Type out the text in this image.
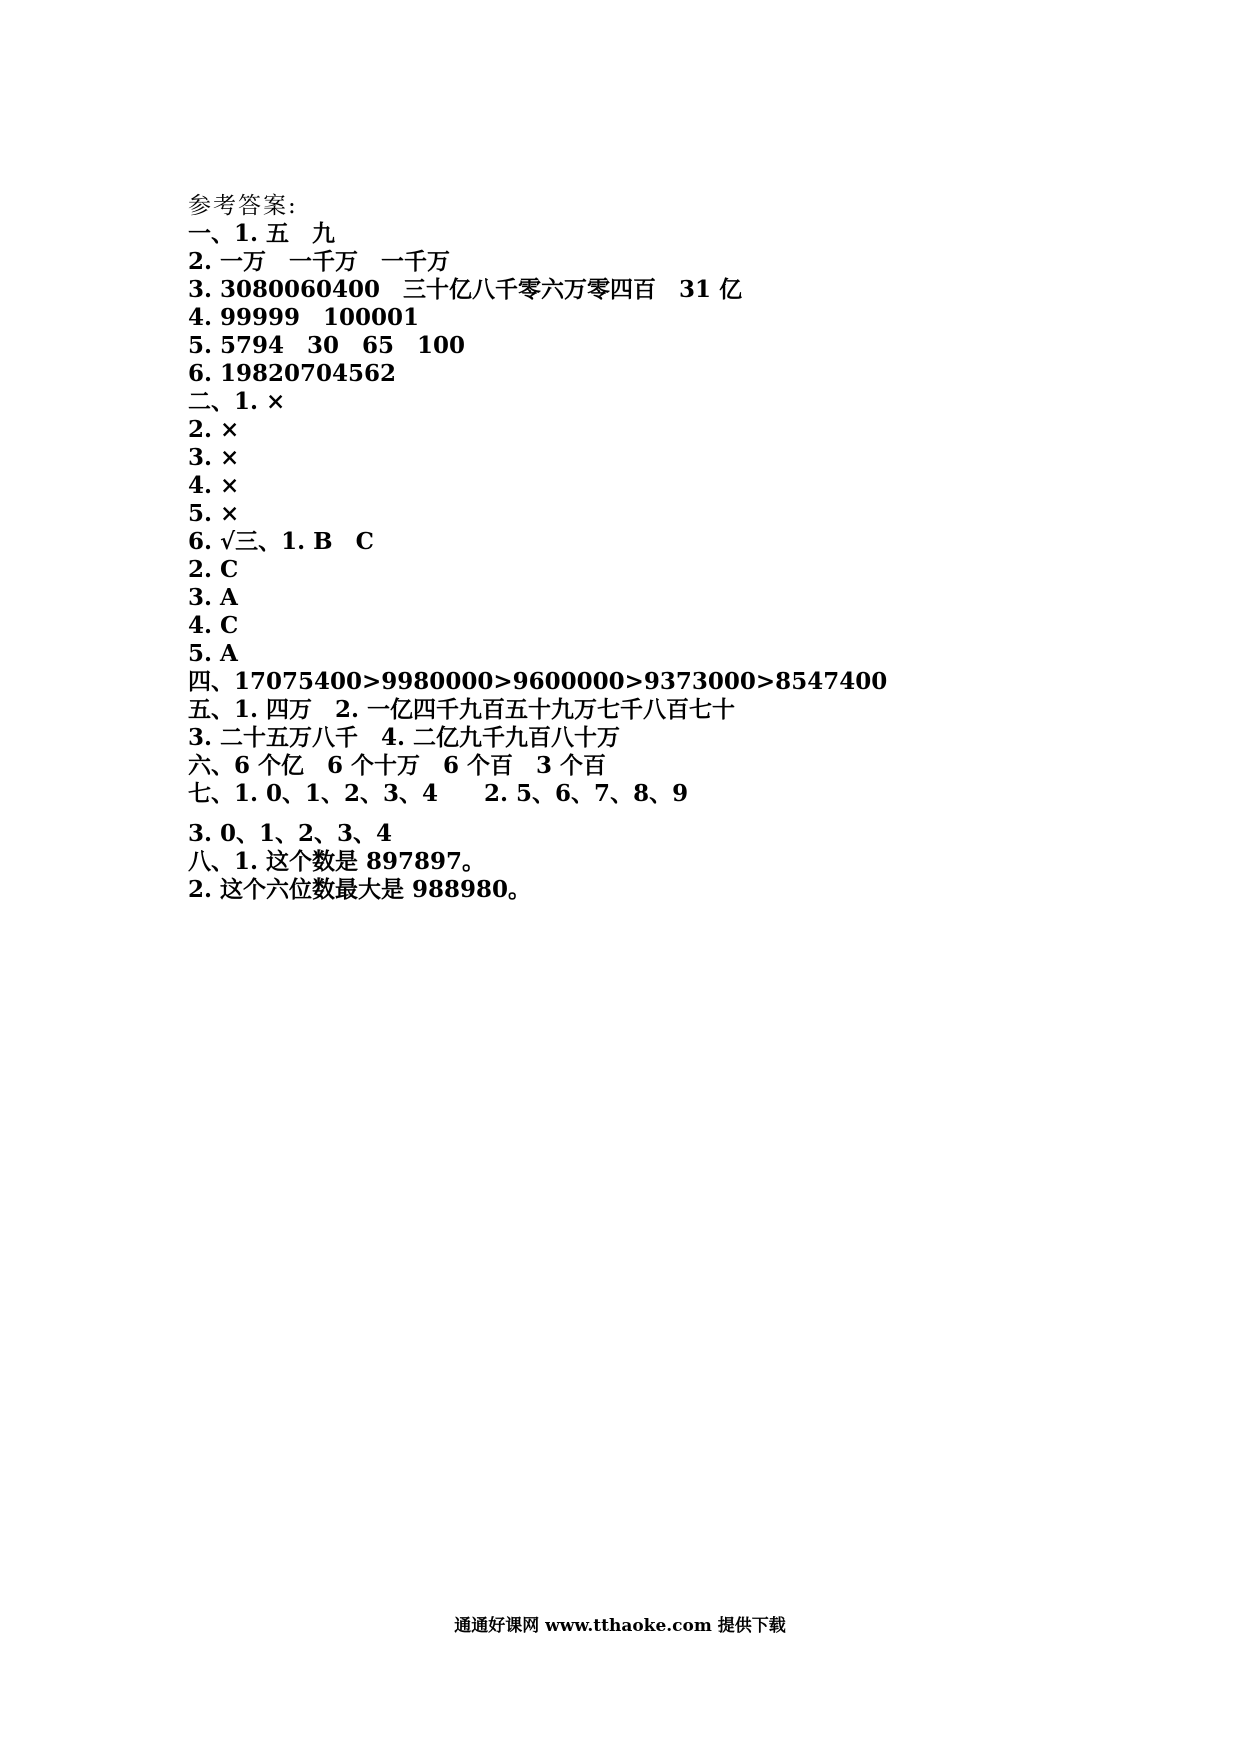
参考答案:
一、1. 五　九
2. 一万　一千万　一千万
3. 3080060400　三十亿八千零六万零四百　31 亿
4. 99999　100001
5. 5794　30　65　100
6. 19820704562
二、1. ×
2. ×
3. ×
4. ×
5. ×
6. √三、1. B　C
2. C
3. A
4. C
5. A
四、17075400>9980000>9600000>9373000>8547400
五、1. 四万　2. 一亿四千九百五十九万七千八百七十
3. 二十五万八千　4. 二亿九千九百八十万
六、6 个亿　6 个十万　6 个百　3 个百
七、1. 0、1、2、3、4　　2. 5、6、7、8、9
3. 0、1、2、3、4
八、1. 这个数是 897897。
2. 这个六位数最大是 988980。
通通好课网 www.tthaoke.com 提供下载
